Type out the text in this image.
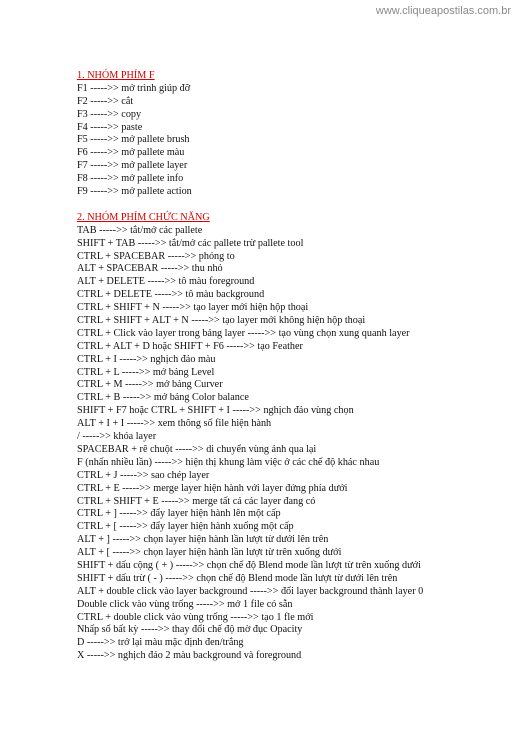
www.cliqueapostilas.com.br
1. NHÓM PHÍM F
F1 ----->> mở trình giúp đỡ
F2 ----->> cắt
F3 ----->> copy
F4 ----->> paste
F5 ----->> mở pallete brush
F6 ----->> mở pallete màu
F7 ----->> mở pallete layer
F8 ----->> mở pallete info
F9 ----->> mở pallete action
2. NHÓM PHÍM CHỨC NĂNG
TAB ----->> tắt/mở các pallete
SHIFT + TAB ----->> tắt/mở các pallete trừ pallete tool
CTRL + SPACEBAR ----->> phóng to
ALT + SPACEBAR ----->> thu nhỏ
ALT + DELETE ----->> tô màu foreground
CTRL + DELETE ----->> tô màu background
CTRL + SHIFT + N ----->> tạo layer mới hiện hộp thoại
CTRL + SHIFT + ALT + N ----->> tạo layer mới không hiện hộp thoại
CTRL + Click vào layer trong bảng layer ----->> tạo vùng chọn xung quanh layer
CTRL + ALT + D hoặc SHIFT + F6 ----->> tạo Feather
CTRL + I ----->> nghịch đảo màu
CTRL + L ----->> mở bảng Level
CTRL + M ----->> mở bảng Curver
CTRL + B ----->> mở bảng Color balance
SHIFT + F7 hoặc CTRL + SHIFT + I ----->> nghịch đảo vùng chọn
ALT + I + I ----->> xem thông số file hiện hành
/ ----->> khóa layer
SPACEBAR + rê chuột ----->> di chuyển vùng ảnh qua lại
F (nhấn nhiều lần) ----->> hiện thị khung làm việc ở các chế độ khác nhau
CTRL + J ----->> sao chép layer
CTRL + E ----->> merge layer hiện hành với layer đứng phía dưới
CTRL + SHIFT + E ----->> merge tất cả các layer đang có
CTRL + ] ----->> đẩy layer hiện hành lên một cấp
CTRL + [ ----->> đẩy layer hiện hành xuống một cấp
ALT + ] ----->> chọn layer hiện hành lần lượt từ dưới lên trên
ALT + [ ----->> chọn layer hiện hành lần lượt từ trên xuống dưới
SHIFT + dấu cộng ( + ) ----->> chọn chế độ Blend mode lần lượt từ trên xuống dưới
SHIFT + dấu trừ ( - ) ----->> chọn chế độ Blend mode lần lượt từ dưới lên trên
ALT + double click vào layer background ----->> đổi layer background thành layer 0
Double click vào vùng trống ----->> mở 1 file có sẵn
CTRL + double click vào vùng trống ----->> tạo 1 fle mới
Nhấp số bất kỳ ----->> thay đổi chế độ mờ đục Opacity
D ----->> trở lại màu mặc định đen/trắng
X ----->> nghịch đảo 2 màu background và foreground
